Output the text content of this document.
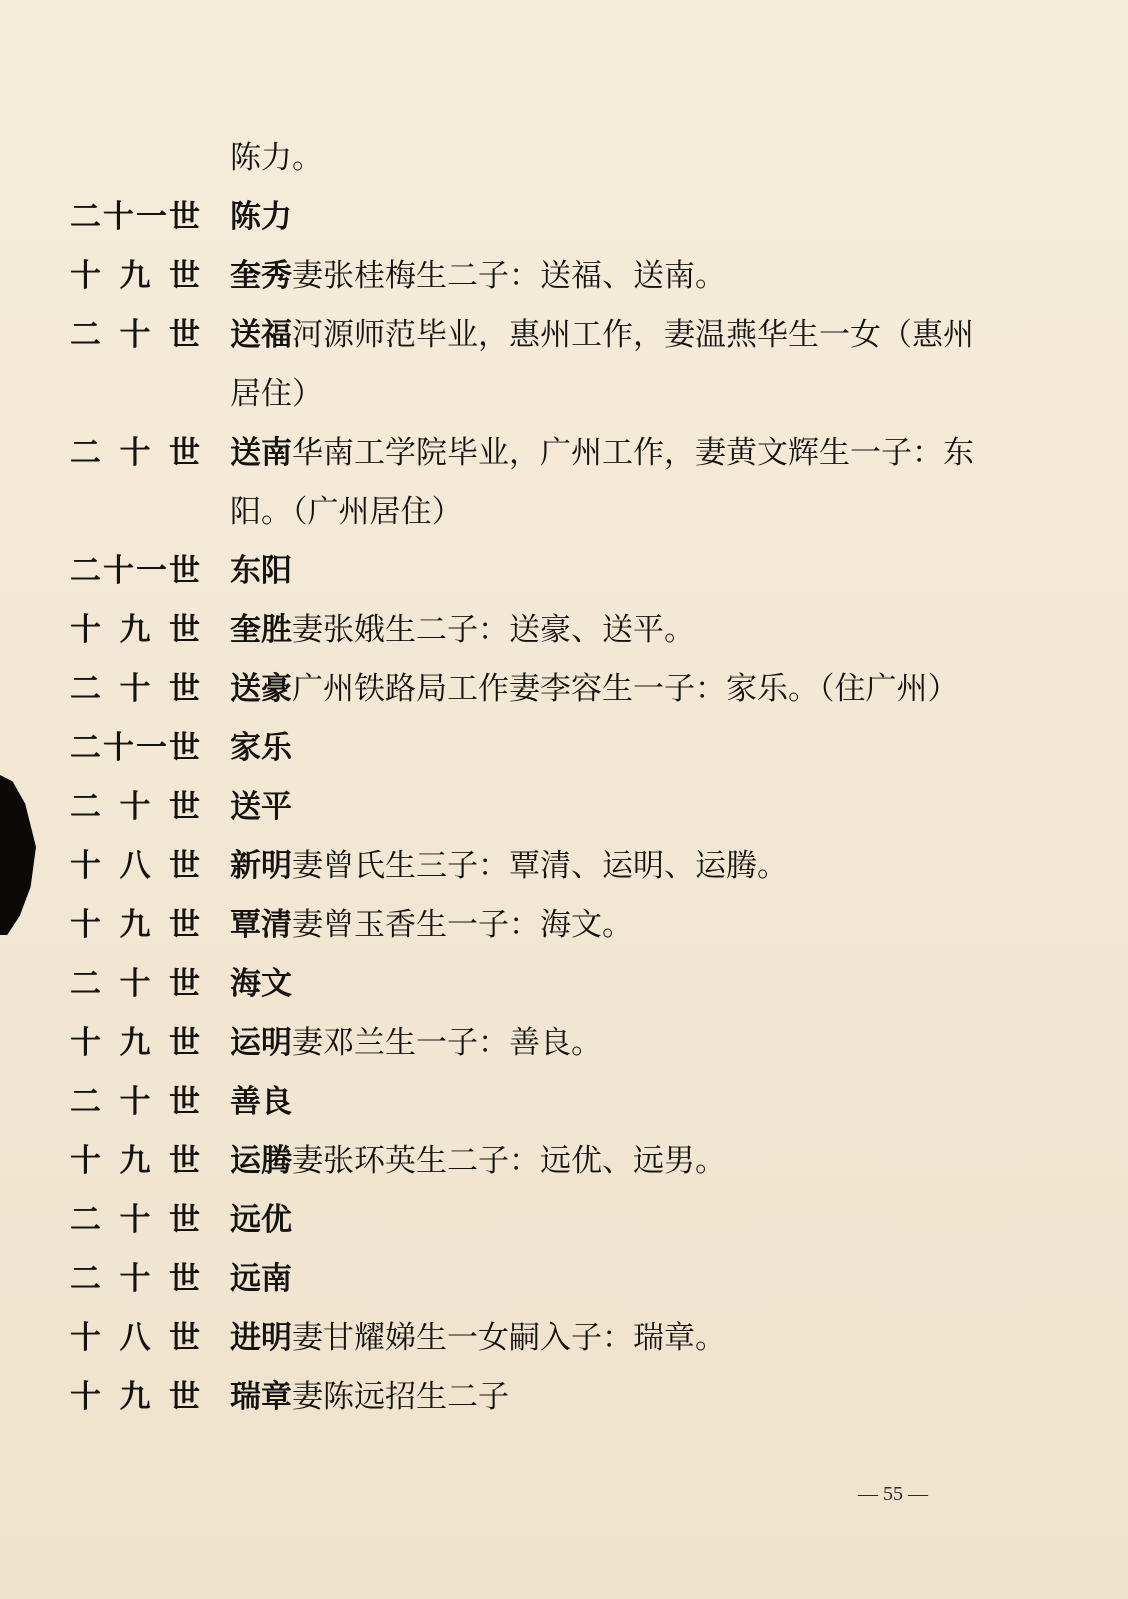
陈力。
二 十 一 世 陈力
十 九 世 奎秀妻张桂梅生二子：送福、送南。
二 十 世 送福河源师范毕业，惠州工作，妻温燕华生一女（惠州
居住）
二 十 世 送南华南工学院毕业，广州工作，妻黄文辉生一子：东
阳。（广州居住）
二 十 一 世 东阳
十 九 世 奎胜妻张娥生二子：送豪、送平。
二 十 世 送豪广州铁路局工作妻李容生一子：家乐。（住广州）
二 十 一 世 家乐
二 十 世 送平
十 八 世 新明妻曾氏生三子：覃清、运明、运腾。
十 九 世 覃清妻曾玉香生一子：海文。
二 十 世 海文
十 九 世 运明妻邓兰生一子：善良。
二 十 世 善良
十 九 世 运腾妻张环英生二子：远优、远男。
二 十 世 远优
二 十 世 远南
十 八 世 进明妻甘耀娣生一女嗣入子：瑞章。
十 九 世 瑞章妻陈远招生二子
— 55 —
